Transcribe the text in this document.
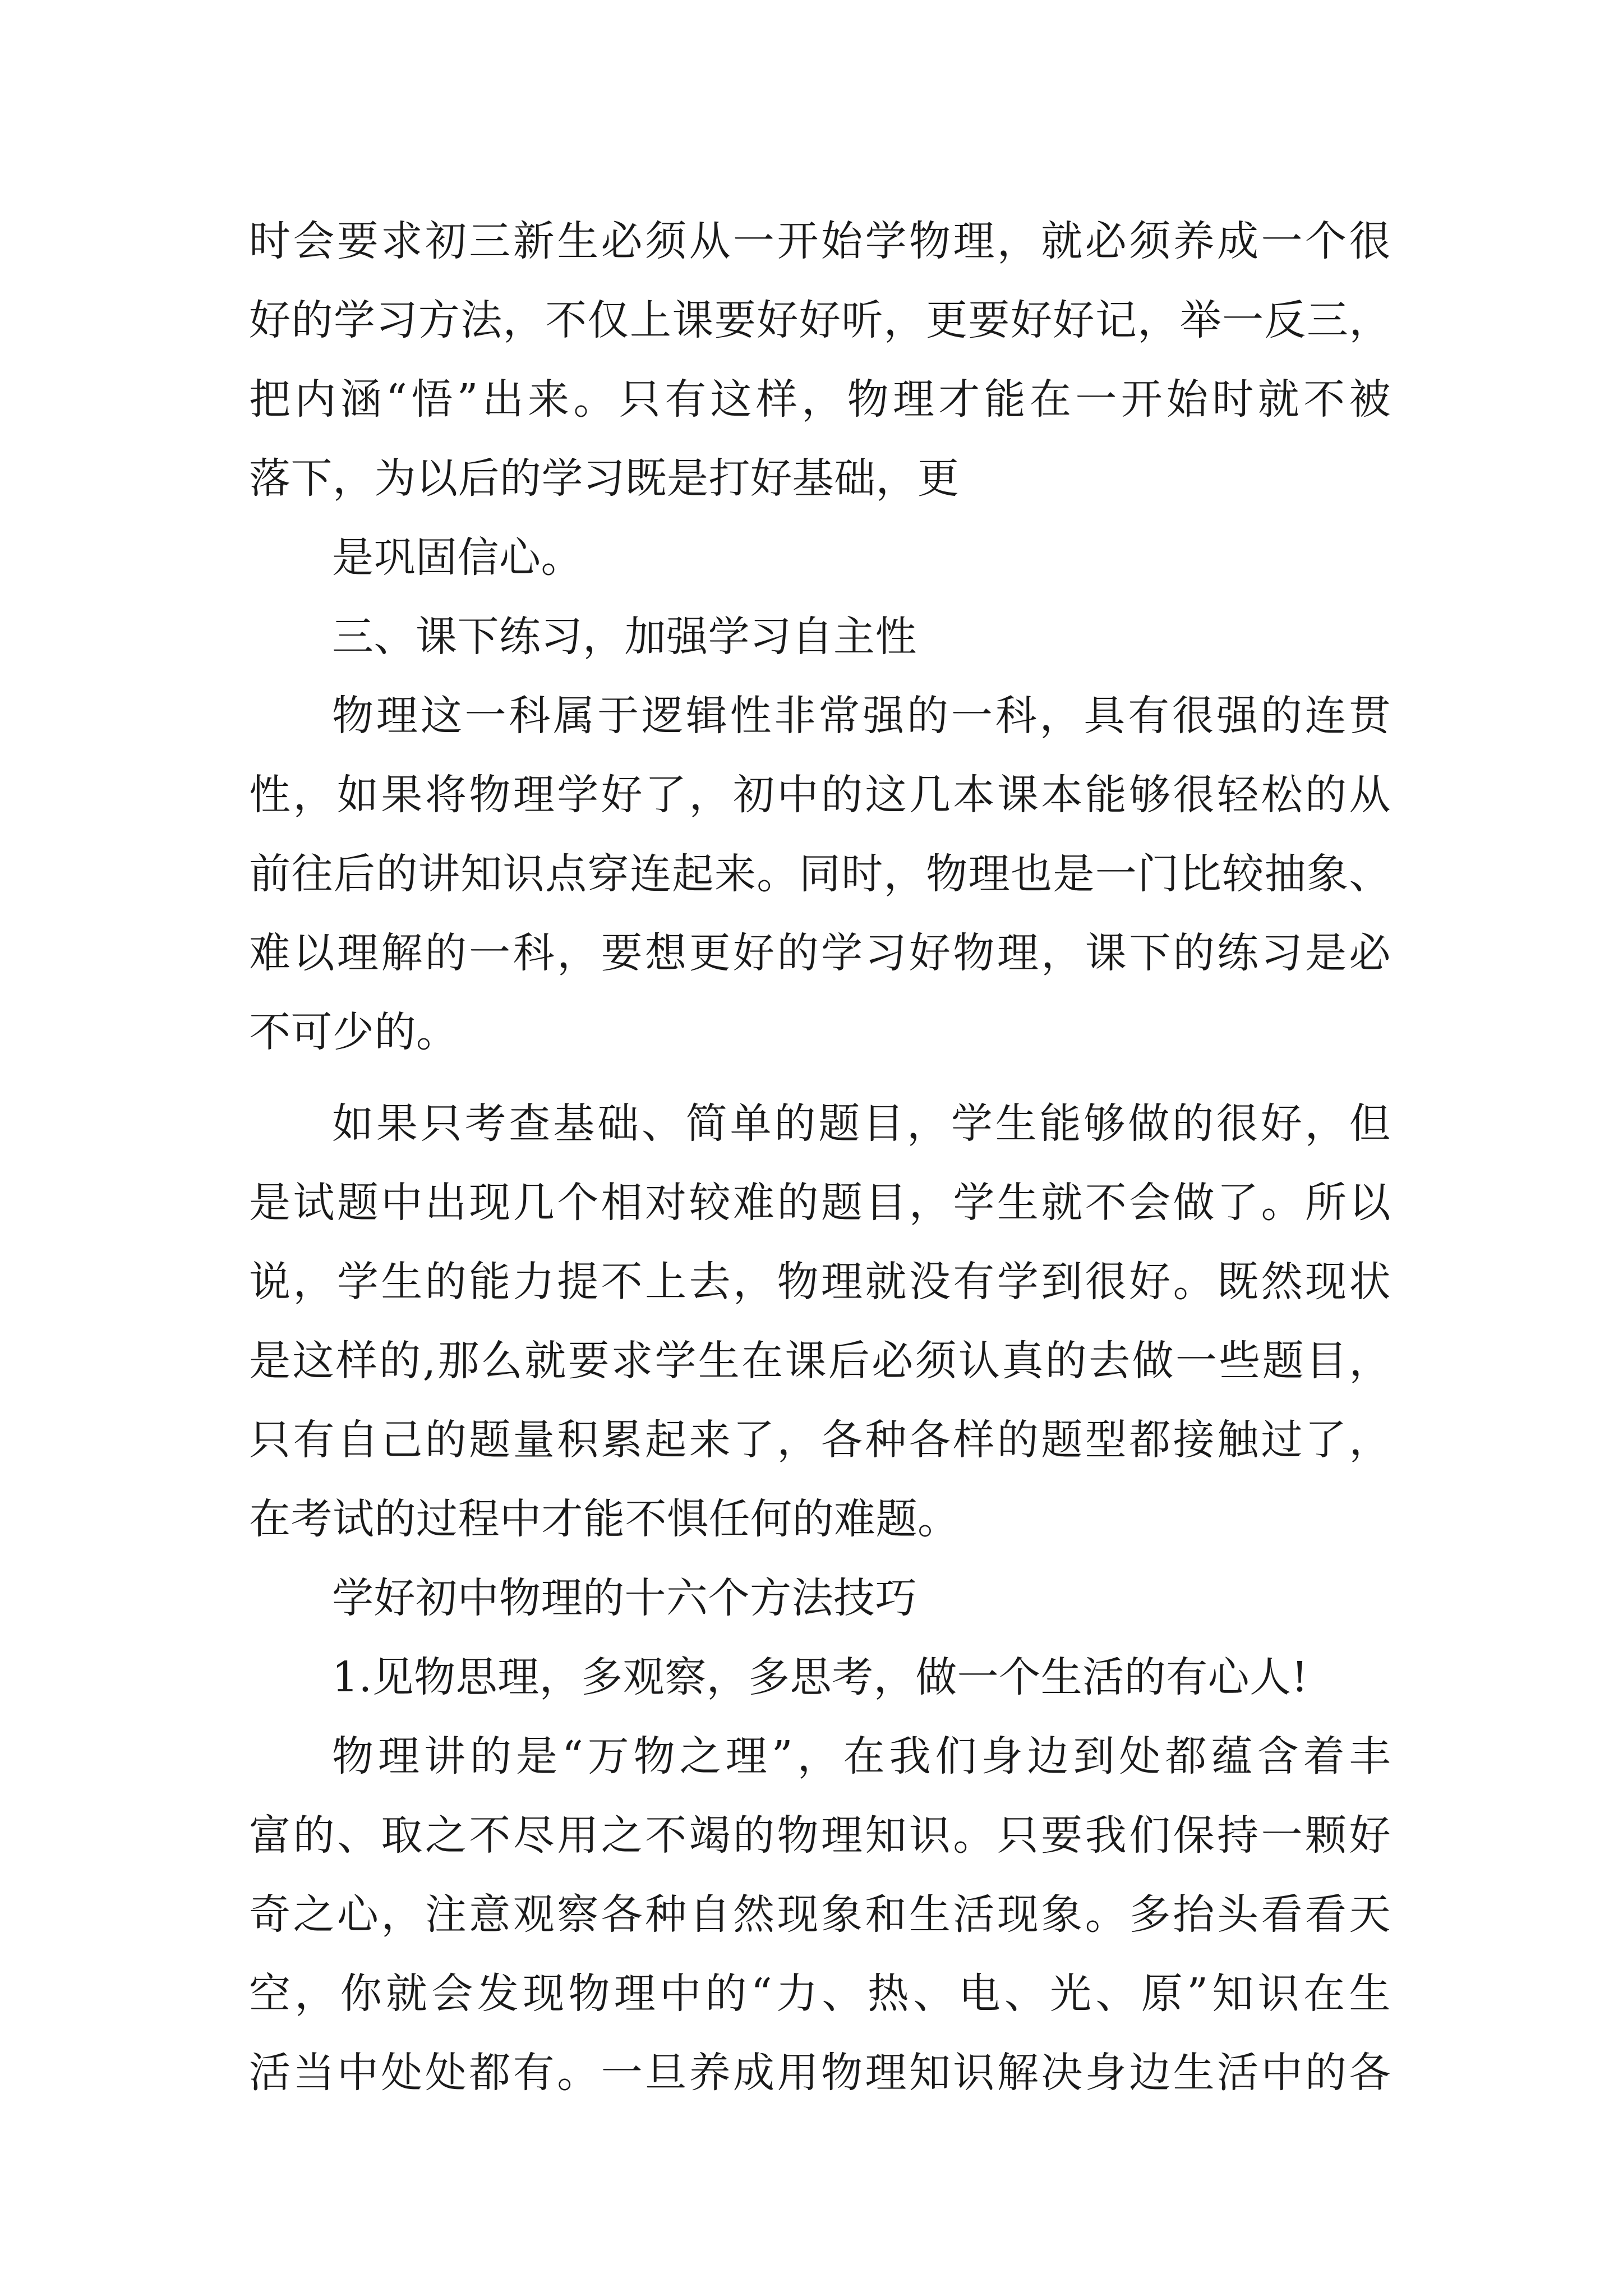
时会要求初三新生必须从一开始学物理，就必须养成一个很
好的学习方法，不仅上课要好好听，更要好好记，举一反三，
把内涵“悟”出来。只有这样，物理才能在一开始时就不被
落下，为以后的学习既是打好基础，更
是巩固信心。
三、课下练习，加强学习自主性
物理这一科属于逻辑性非常强的一科，具有很强的连贯
性，如果将物理学好了，初中的这几本课本能够很轻松的从
前往后的讲知识点穿连起来。同时，物理也是一门比较抽象、
难以理解的一科，要想更好的学习好物理，课下的练习是必
不可少的。
如果只考查基础、简单的题目，学生能够做的很好，但
是试题中出现几个相对较难的题目，学生就不会做了。所以
说，学生的能力提不上去，物理就没有学到很好。既然现状
是这样的,那么就要求学生在课后必须认真的去做一些题目，
只有自己的题量积累起来了，各种各样的题型都接触过了，
在考试的过程中才能不惧任何的难题。
学好初中物理的十六个方法技巧
1.见物思理，多观察，多思考，做一个生活的有心人!
物理讲的是“万物之理”，在我们身边到处都蕴含着丰
富的、取之不尽用之不竭的物理知识。只要我们保持一颗好
奇之心，注意观察各种自然现象和生活现象。多抬头看看天
空，你就会发现物理中的“力、热、电、光、原”知识在生
活当中处处都有。一旦养成用物理知识解决身边生活中的各
